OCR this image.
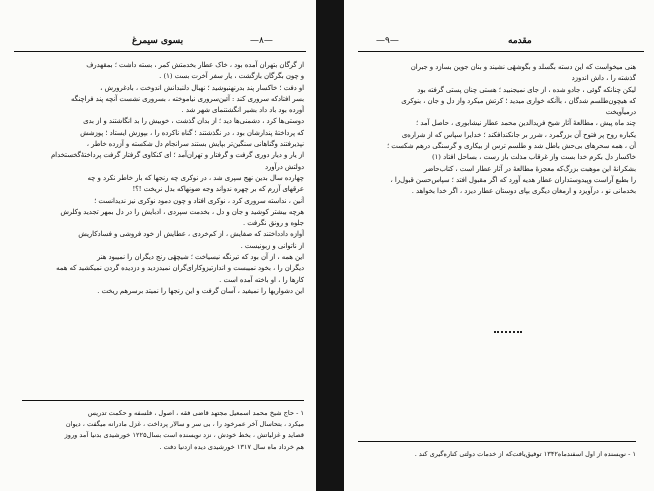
بسوی سیمرغ	—۸—
از گرگان بتهران آمده بود ، خاک عطار بخدمتش کمر ، بسته داشت ؛ بمقهدرف
و چون بگرگان بازگشت ، یار سفر آخرت بست (۱) .
او دفت ؛ خاکسار پند بدرنهنبوشید ؛ نهبال دلنبدانش اندوخت ، بادغرورش ،
بسر افتادکه سروری کند : آئین‌سروری نیاموخته ، بسروری نشست آنچه پند فراچنگه
آورده بود باد داد بشیر انگشتنمای شهر شد .
دوستی‌ها کرد ، دشمنی‌ها دید ؛ از بدان گذشت ، خوبیش را بد انگاشتند و از بدی
که پرداختهٔ پندارشان بود ، در نگذشتند ؛ گناه ناکرده را ، بپوزش ایستاد ؛ پوزشش
نپذیرفتند وگناهانی سنگین‌تر بپایش بستند سرانجام دل شکسته و آزرده خاطر ،
از یار و دیار دوری گرفت و گرفتار و تهران‌آمد ؛ ای کنکاوی گرفتار گرفت پرداختهٔ‌گخستخدام
دولتش درآورد
چهارده سال بدین نهج سپری شد ، در نوکری چه رنجها که بار خاطر نکرد و چه
عرقهای آزرم که بر چهره ندواند وجه ضونهاکه بدل نریخت !؟!
آنین ، نداسته سروری کرد ، نوکری افتاد و چون دمود نوکری نیز ندیدانست ؛
هرچه بیشتر کوشید و جان و دل ، بخدمت سپردی ، ادبایش را در دل بمهر تجدید وکلرش
جلوه و رونق نگرفت .
آوازه دادداختند که صفایش ، از کم‌خردی ، عطایش از خود فروشی و فسادکاریش
از ناتوانی و زبونیست .
این همه ، از آن بود که تیرنگه نیسیاخت ؛ شیچهٔی رنج دیگران را نمیبود هنر
دیگران را ، بخود نمیبست و اندازتیزوکارای‌گران نمیدزدید و دزدیده گردن نمیکشید که همه
کارها را ، او باخته آمده است .
این دشواریها را نمیفید ، آسان گرفت و این رنجها را نمیتد برسرهم ریخت .
۱ - حاج شیخ محمد اسمعیل مجتهد قاضی فقه ، اصول ، فلسفه و حکمت تدریس
میکرد ، بتحاسال آخر عمرخود را ، بی سر و سالار پرداخت ، غزل مادرانه میگفت ، دیوان
قصاید و غزلیاتش ، بخط خودش ، نزد نویسنده است بسال۱۲۲۵ خورشیدی بدنیا آمد وروز
هم خرداد ماه سال ۱۳۱۷ خورشیدی دیده ازدنیا دفت .
مقدمه
—۹—
هنی میخواست که این دسته بگسلد و بگوشهٔی نشیند و بنان جوین بسازد و جبران
گذشته را ، داش اندوزد
لیکن چنانکه گوئی ، جادو شده ، از جای نمیجنبید ؛ هستی چنان پستی گرفته بود
که هیچون‌طلسم شدگان ، باآنکه خواری میدید ؛ کرتش میکرد واز دل و جان ، بنوکری
درمیآویخت
چند ماه پیش ، مطالعهٔ آثار شیخ فریدالدین محمد عطار نیشابوری ، حاصل آمد ؛
یکباره روح پر فتوح آن بزرگمرد ، شرر بر جانکندافکند ؛ خدایرا سپاس که از شراره‌ی
آن ، همه سحرهای بی‌حش باطل شد و طلسم ترس از بیکاری و گرسنگی درهم شکست ؛
خاکسار دل بکرم خدا بست واز غرقاب مذلت باز رست ، بساحل افتاد (۱)
بشکرانهٔ این موهبت بزرگ‌که معجزهٔ مطالعهٔ در آثار عطار است ، کتاب‌حاضر
را بطبع آراست وپیدوستداران عطار هدیه آورد که اگر مقبول افتد ؛ سپاس‌حسن قبول‌را ،
بخدمانی نو ، درآویزد و ارمغان دیگری بپای دوستان عطار دیزد ، اگر خدا بخواهد .
۱ - نویسنده از اول اسفندماه۱۳۴۲ توفیق‌یافت‌که از خدمات دولتی کناره‌گیری کند .
